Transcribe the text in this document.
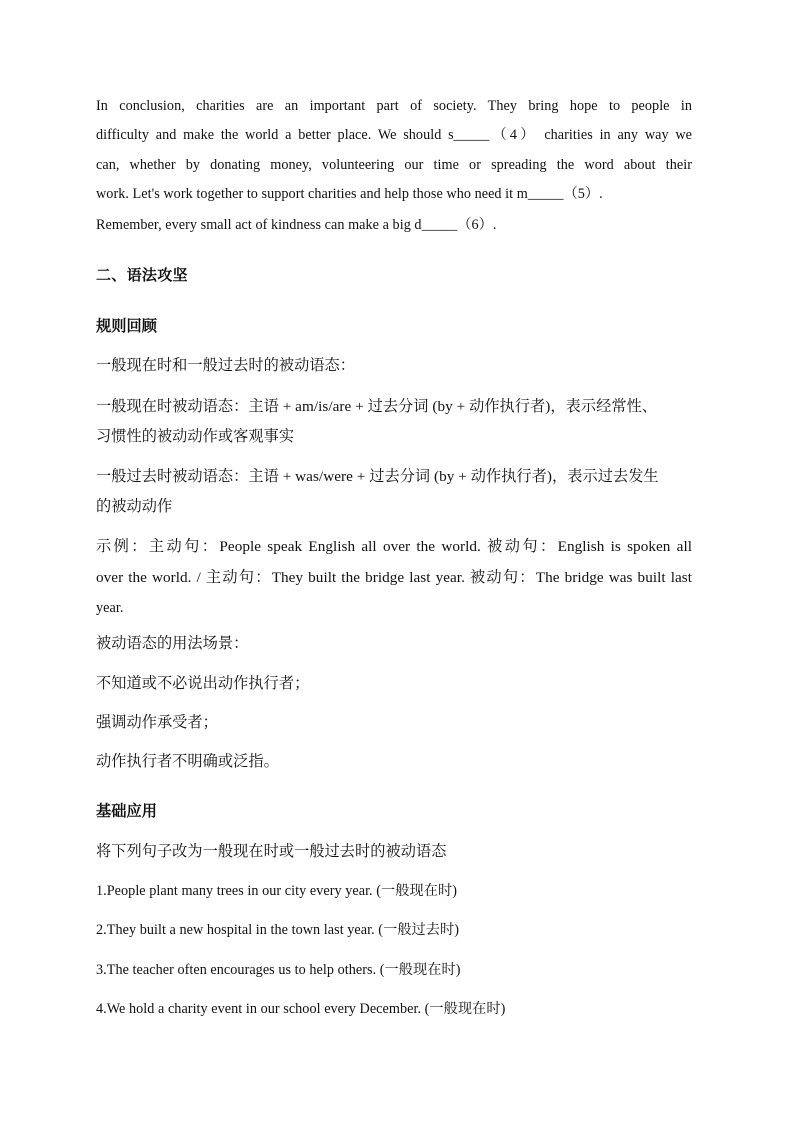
In conclusion, charities are an important part of society. They bring hope to people in
difficulty and make the world a better place. We should s_____（4） charities in any way we
can, whether by donating money, volunteering our time or spreading the word about their
work. Let's work together to support charities and help those who need it m_____（5）.
Remember, every small act of kindness can make a big d_____（6）.
二、语法攻坚
规则回顾
一般现在时和一般过去时的被动语态：
一般现在时被动语态：主语 + am/is/are + 过去分词 (by + 动作执行者)，表示经常性、
习惯性的被动动作或客观事实
一般过去时被动语态：主语 + was/were + 过去分词 (by + 动作执行者)，表示过去发生
的被动动作
示例：主动句：People speak English all over the world. 被动句：English is spoken all
over the world. / 主动句：They built the bridge last year. 被动句：The bridge was built last
year.
被动语态的用法场景：
不知道或不必说出动作执行者；
强调动作承受者；
动作执行者不明确或泛指。
基础应用
将下列句子改为一般现在时或一般过去时的被动语态
1.People plant many trees in our city every year. (一般现在时)
2.They built a new hospital in the town last year. (一般过去时)
3.The teacher often encourages us to help others. (一般现在时)
4.We hold a charity event in our school every December. (一般现在时)
